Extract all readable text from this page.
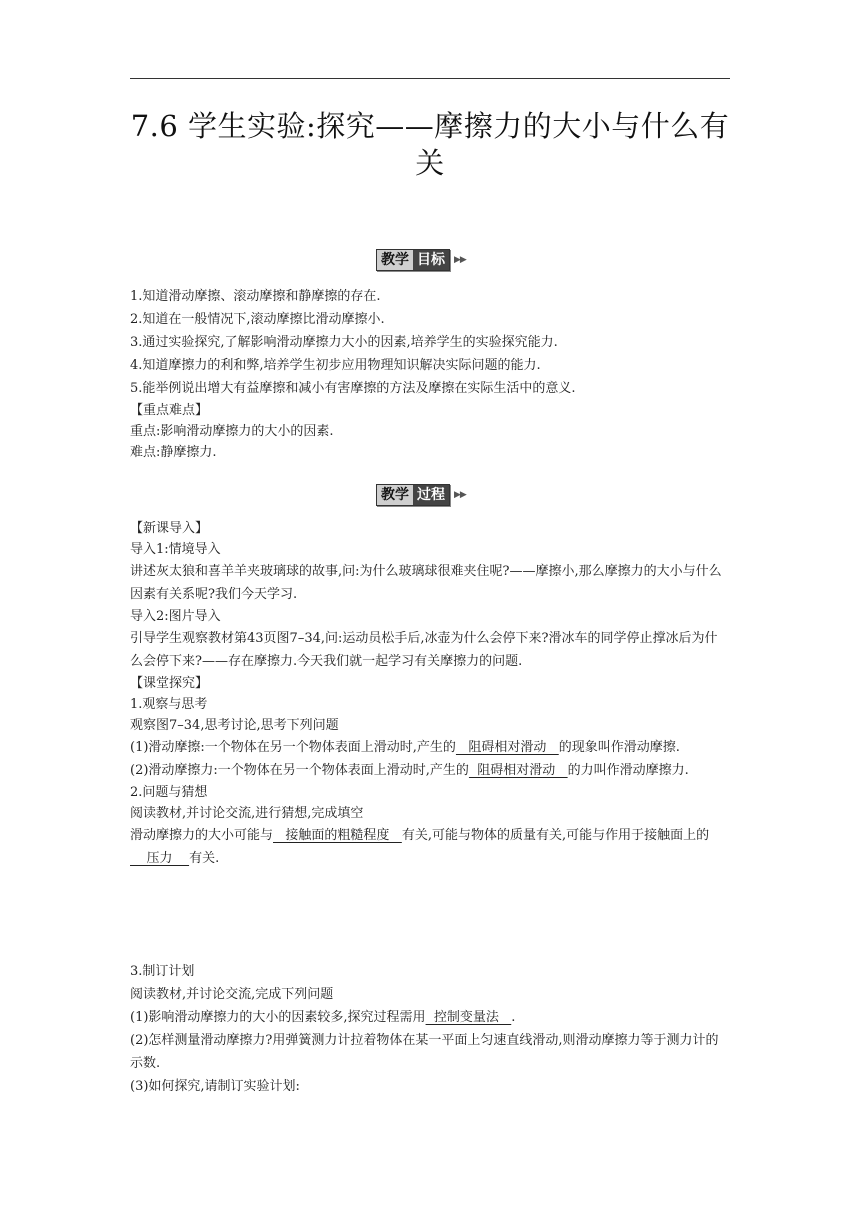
7.6 学生实验:探究——摩擦力的大小与什么有关
教学 目标	▶▶
1.知道滑动摩擦、滚动摩擦和静摩擦的存在.
2.知道在一般情况下,滚动摩擦比滑动摩擦小.
3.通过实验探究,了解影响滑动摩擦力大小的因素,培养学生的实验探究能力.
4.知道摩擦力的利和弊,培养学生初步应用物理知识解决实际问题的能力.
5.能举例说出增大有益摩擦和减小有害摩擦的方法及摩擦在实际生活中的意义.
【重点难点】
重点:影响滑动摩擦力的大小的因素.
难点:静摩擦力.
教学 过程	▶▶
【新课导入】
导入1:情境导入
讲述灰太狼和喜羊羊夹玻璃球的故事,问:为什么玻璃球很难夹住呢?——摩擦小,那么摩擦力的大小与什么因素有关系呢?我们今天学习.
导入2:图片导入
引导学生观察教材第43页图7–34,问:运动员松手后,冰壶为什么会停下来?滑冰车的同学停止撑冰后为什么会停下来?——存在摩擦力.今天我们就一起学习有关摩擦力的问题.
【课堂探究】
1.观察与思考
观察图7–34,思考讨论,思考下列问题
(1)滑动摩擦:一个物体在另一个物体表面上滑动时,产生的   阻碍相对滑动   的现象叫作滑动摩擦.
(2)滑动摩擦力:一个物体在另一个物体表面上滑动时,产生的  阻碍相对滑动   的力叫作滑动摩擦力.
2.问题与猜想
阅读教材,并讨论交流,进行猜想,完成填空
滑动摩擦力的大小可能与   接触面的粗糙程度   有关,可能与物体的质量有关,可能与作用于接触面上的    压力    有关.
3.制订计划
阅读教材,并讨论交流,完成下列问题
(1)影响滑动摩擦力的大小的因素较多,探究过程需用  控制变量法   .
(2)怎样测量滑动摩擦力?用弹簧测力计拉着物体在某一平面上匀速直线滑动,则滑动摩擦力等于测力计的示数.
(3)如何探究,请制订实验计划:
